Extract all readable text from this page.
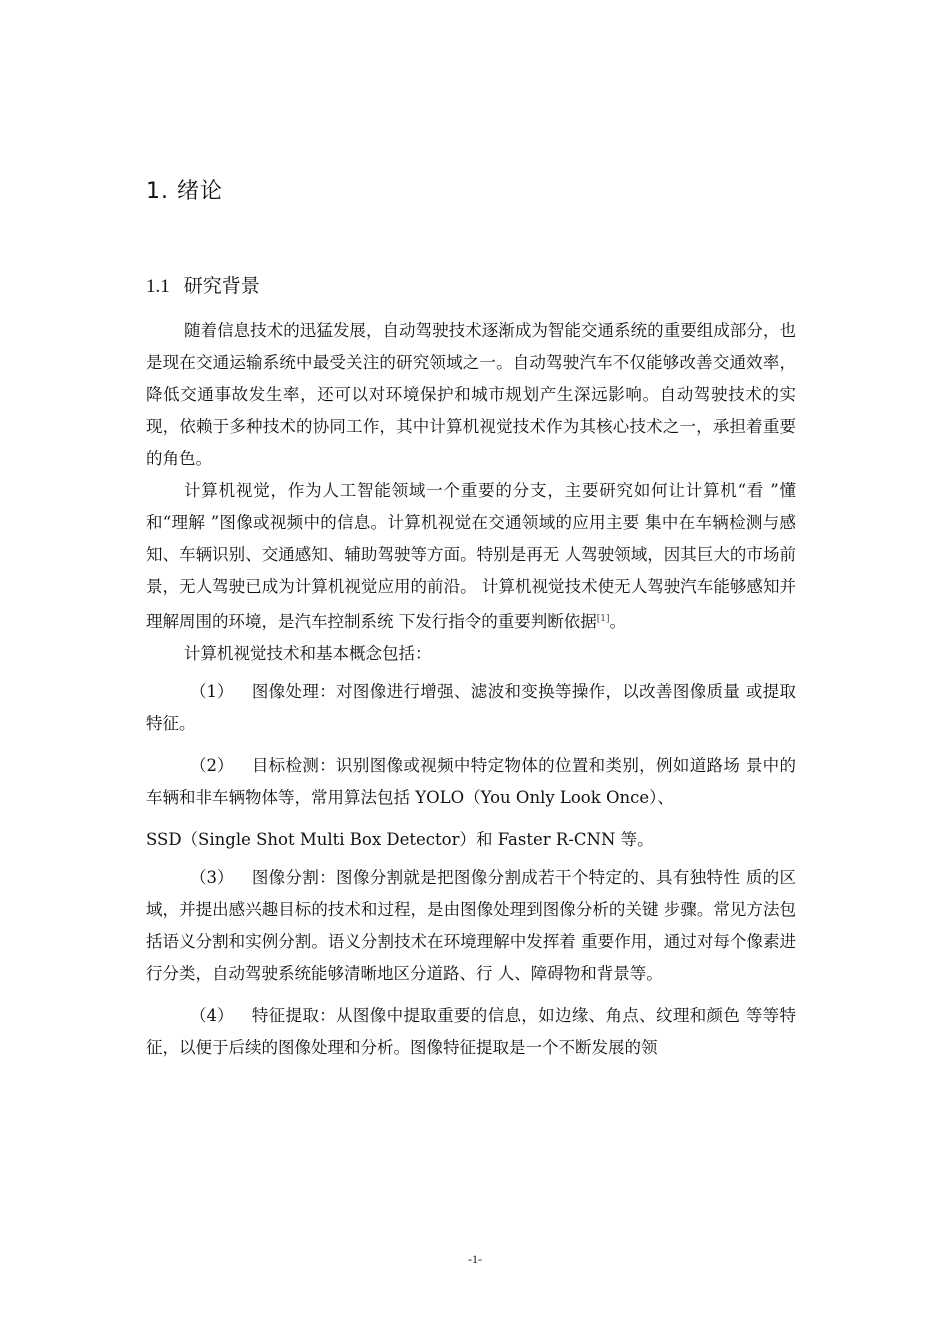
1. 绪论
1.1 研究背景

随着信息技术的迅猛发展，自动驾驶技术逐渐成为智能交通系统的重要组成部分，也是现在交通运输系统中最受关注的研究领域之一。自动驾驶汽车不仅能够改善交通效率，降低交通事故发生率，还可以对环境保护和城市规划产生深远影响。自动驾驶技术的实现，依赖于多种技术的协同工作，其中计算机视觉技术作为其核心技术之一，承担着重要的角色。

计算机视觉，作为人工智能领域一个重要的分支，主要研究如何让计算机“看 ”懂和“理解 ”图像或视频中的信息。计算机视觉在交通领域的应用主要 集中在车辆检测与感知、车辆识别、交通感知、辅助驾驶等方面。特别是再无 人驾驶领域，因其巨大的市场前景，无人驾驶已成为计算机视觉应用的前沿。 计算机视觉技术使无人驾驶汽车能够感知并理解周围的环境，是汽车控制系统 下发行指令的重要判断依据[1]。

计算机视觉技术和基本概念包括：

（1） 图像处理：对图像进行增强、滤波和变换等操作，以改善图像质量 或提取特征。

（2） 目标检测：识别图像或视频中特定物体的位置和类别，例如道路场 景中的车辆和非车辆物体等，常用算法包括 YOLO（You Only Look Once）、

SSD（Single Shot Multi Box Detector）和 Faster R-CNN 等。

（3） 图像分割：图像分割就是把图像分割成若干个特定的、具有独特性 质的区域，并提出感兴趣目标的技术和过程，是由图像处理到图像分析的关键 步骤。常见方法包括语义分割和实例分割。语义分割技术在环境理解中发挥着 重要作用，通过对每个像素进行分类，自动驾驶系统能够清晰地区分道路、行 人、障碍物和背景等。

（4） 特征提取：从图像中提取重要的信息，如边缘、角点、纹理和颜色 等等特征，以便于后续的图像处理和分析。图像特征提取是一个不断发展的领

-1-
